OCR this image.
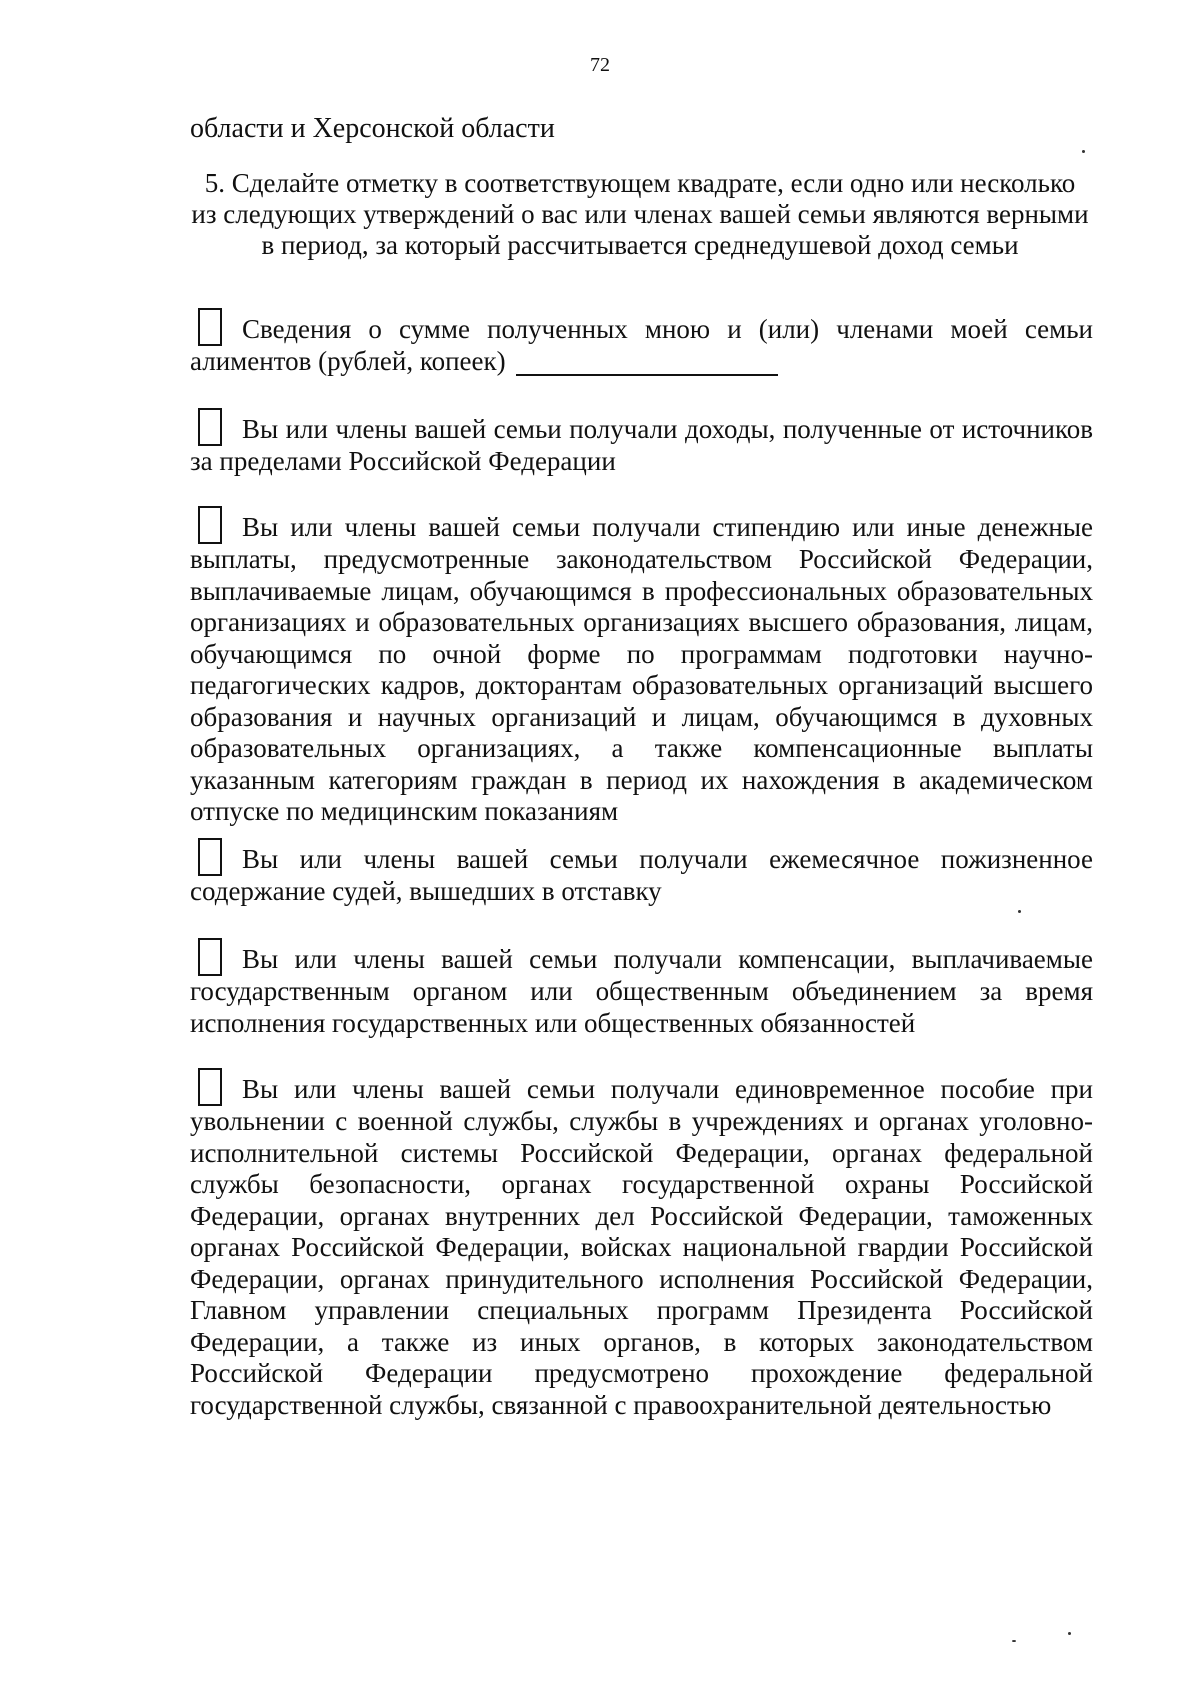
72
области и Херсонской области
5. Сделайте отметку в соответствующем квадрате, если одно или несколько из следующих утверждений о вас или членах вашей семьи являются верными в период, за который рассчитывается среднедушевой доход семьи
Сведения о сумме полученных мною и (или) членами моей семьи алиментов (рублей, копеек)
Вы или члены вашей семьи получали доходы, полученные от источников за пределами Российской Федерации
Вы или члены вашей семьи получали стипендию или иные денежные выплаты, предусмотренные законодательством Российской Федерации, выплачиваемые лицам, обучающимся в профессиональных образовательных организациях и образовательных организациях высшего образования, лицам, обучающимся по очной форме по программам подготовки научно-педагогических кадров, докторантам образовательных организаций высшего образования и научных организаций и лицам, обучающимся в духовных образовательных организациях, а также компенсационные выплаты указанным категориям граждан в период их нахождения в академическом отпуске по медицинским показаниям
Вы или члены вашей семьи получали ежемесячное пожизненное содержание судей, вышедших в отставку
Вы или члены вашей семьи получали компенсации, выплачиваемые государственным органом или общественным объединением за время исполнения государственных или общественных обязанностей
Вы или члены вашей семьи получали единовременное пособие при увольнении с военной службы, службы в учреждениях и органах уголовно-исполнительной системы Российской Федерации, органах федеральной службы безопасности, органах государственной охраны Российской Федерации, органах внутренних дел Российской Федерации, таможенных органах Российской Федерации, войсках национальной гвардии Российской Федерации, органах принудительного исполнения Российской Федерации, Главном управлении специальных программ Президента Российской Федерации, а также из иных органов, в которых законодательством Российской Федерации предусмотрено прохождение федеральной государственной службы, связанной с правоохранительной деятельностью
